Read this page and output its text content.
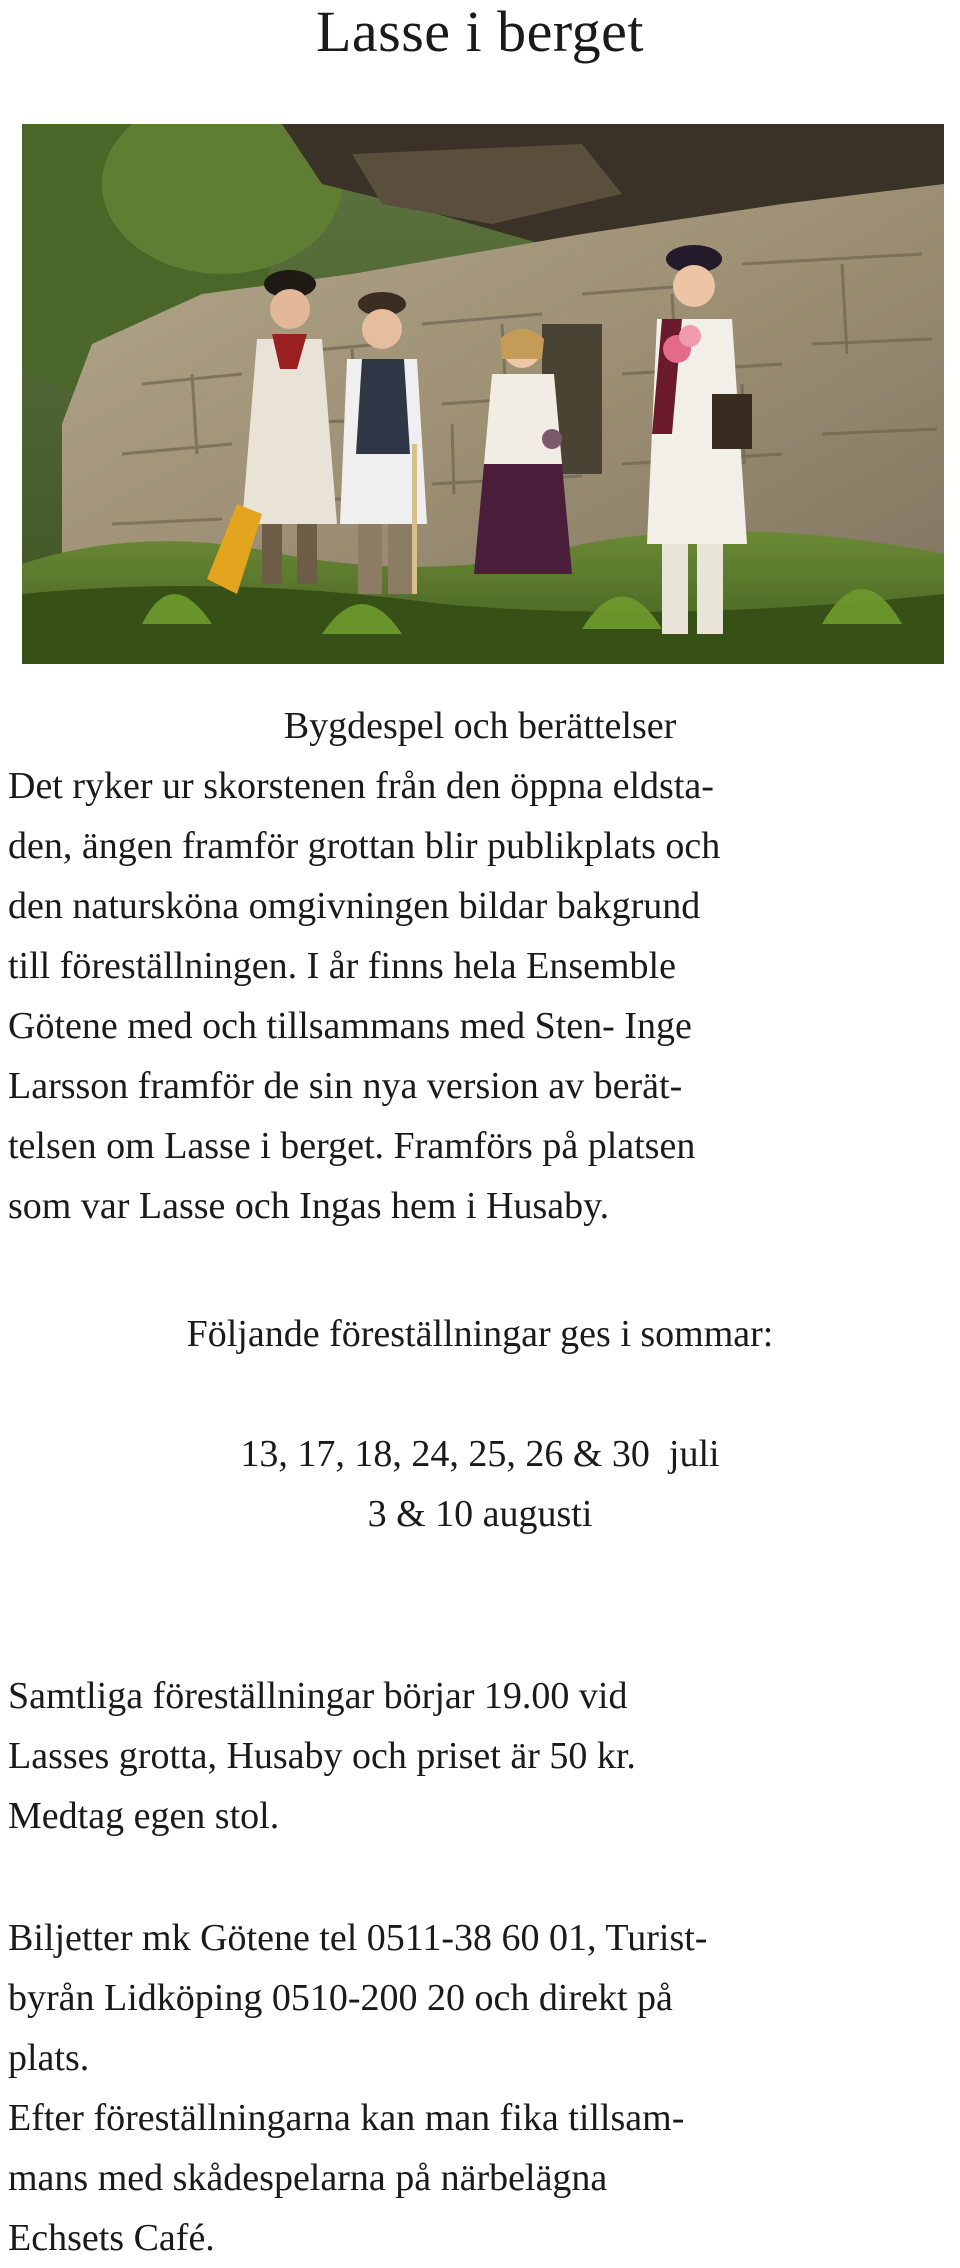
Lasse i berget
Bygdespel och berättelser
Det ryker ur skorstenen från den öppna eldsta-
den, ängen framför grottan blir publikplats och
den natursköna omgivningen bildar bakgrund
till föreställningen. I år finns hela Ensemble
Götene med och tillsammans med Sten- Inge
Larsson framför de sin nya version av berät-
telsen om Lasse i berget. Framförs på platsen
som var Lasse och Ingas hem i Husaby.
Följande föreställningar ges i sommar:
13, 17, 18, 24, 25, 26 & 30  juli
3 & 10 augusti
Samtliga föreställningar börjar 19.00 vid
Lasses grotta, Husaby och priset är 50 kr.
Medtag egen stol.
Biljetter mk Götene tel 0511-38 60 01, Turist-
byrån Lidköping 0510-200 20 och direkt på
plats.
Efter föreställningarna kan man fika tillsam-
mans med skådespelarna på närbelägna
Echsets Café.
